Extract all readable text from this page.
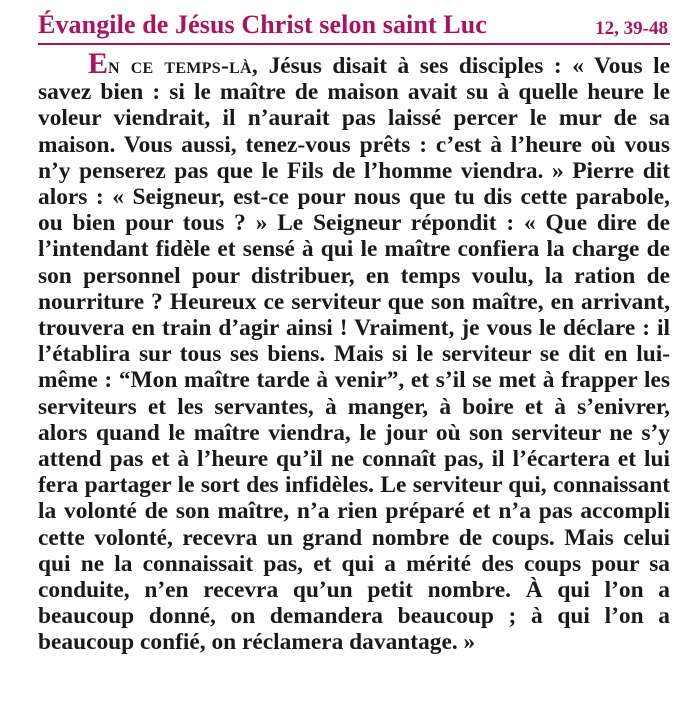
Évangile de Jésus Christ selon saint Luc	12, 39-48

En ce temps-là, Jésus disait à ses disciples : « Vous le savez bien : si le maître de maison avait su à quelle heure le voleur viendrait, il n’aurait pas laissé percer le mur de sa maison. Vous aussi, tenez-vous prêts : c’est à l’heure où vous n’y penserez pas que le Fils de l’homme viendra. » Pierre dit alors : « Seigneur, est-ce pour nous que tu dis cette parabole, ou bien pour tous ? » Le Seigneur répondit : « Que dire de l’intendant fidèle et sensé à qui le maître confiera la charge de son personnel pour distribuer, en temps voulu, la ration de nourriture ? Heureux ce serviteur que son maître, en arrivant, trouvera en train d’agir ainsi ! Vraiment, je vous le déclare : il l’établira sur tous ses biens. Mais si le serviteur se dit en lui-même : “Mon maître tarde à venir”, et s’il se met à frapper les serviteurs et les servantes, à manger, à boire et à s’enivrer, alors quand le maître viendra, le jour où son serviteur ne s’y attend pas et à l’heure qu’il ne connaît pas, il l’écartera et lui fera partager le sort des infidèles. Le serviteur qui, connaissant la volonté de son maître, n’a rien préparé et n’a pas accompli cette volonté, recevra un grand nombre de coups. Mais celui qui ne la connaissait pas, et qui a mérité des coups pour sa conduite, n’en recevra qu’un petit nombre. À qui l’on a beaucoup donné, on demandera beaucoup ; à qui l’on a beaucoup confié, on réclamera davantage. »
